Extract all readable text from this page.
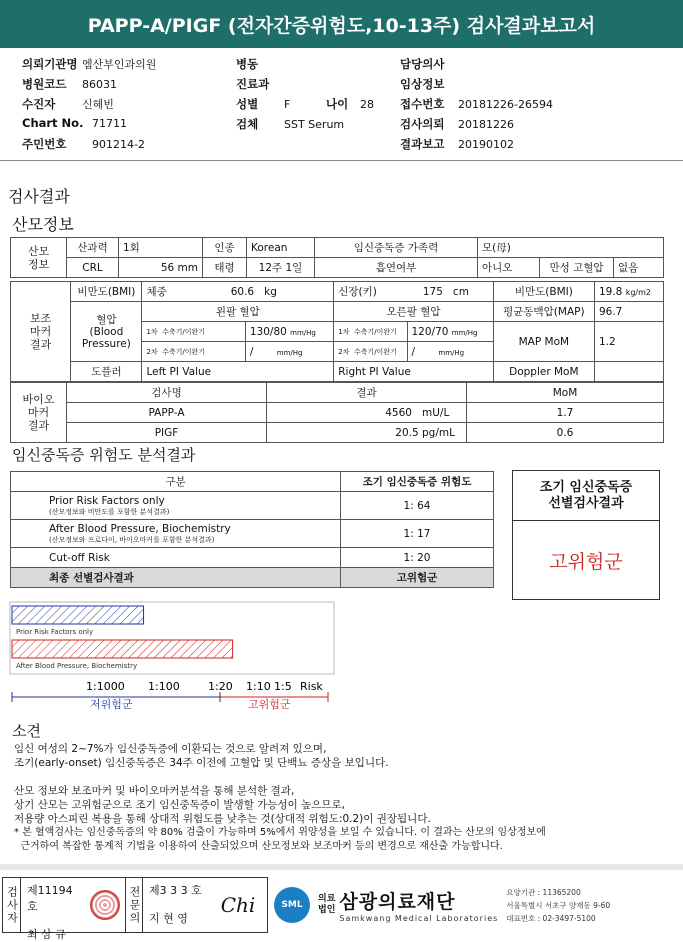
PAPP-A/PIGF (전자간증위험도,10-13주) 검사결과보고서
의뢰기관명 엠산부인과의원
병원코드 86031
수진자 신혜빈
Chart No. 71711
주민번호 901214-2
병동
진료과
성별 F	나이 28
검체 SST Serum
담당의사
임상정보
접수번호 20181226-26594
검사의뢰 20181226
결과보고 20190102
검사결과
산모정보
산모
정보	산과력	1회	인종	Korean	임신중독증 가족력	모(母)		
	CRL	56 mm	태령	12주 1일	흡연여부	아니오	만성 고혈압	없음
보조
마커
결과	비만도(BMI)	체중 60.6 kg		신장(키) 175 cm		비만도(BMI)	19.8 kg/m2
	혈압
(Blood
Pressure)	왼팔 혈압		오른팔 혈압		평균동맥압(MAP)	96.7
		1차 수축기/이완기	130/80 mm/Hg	1차 수축기/이완기	120/70 mm/Hg	MAP MoM	1.2
		2차 수축기/이완기	/ mm/Hg	2차 수축기/이완기	/ mm/Hg		
	도플러	Left PI Value		Right PI Value		Doppler MoM	
바이오
마커
결과	검사명	결과	MoM
	PAPP-A	4560 mU/L	1.7
	PIGF	20.5 pg/mL	0.6
임신중독증 위험도 분석결과
구분	조기 임신중독증 위험도

Prior Risk Factors only
(산모정보와 비만도를 포함한 분석결과)	1: 64

After Blood Pressure, Biochemistry
(산모정보와 프로다이, 바이오마커를 포함한 분석결과)	1: 17
Cut-off Risk	1: 20
최종 선별검사결과	고위험군
조기 임신중독증
선별검사결과
고위험군
Prior Risk Factors only
After Blood Pressure, Biochemistry
1:1000 1:100	1:20 1:10 1:5 Risk
저위험군	고위험군
소견
임신 여성의 2~7%가 임신중독증에 이환되는 것으로 알려져 있으며,
조기(early-onset) 임신중독증은 34주 이전에 고혈압 및 단백뇨 증상을 보입니다.
산모 정보와 보조마커 및 바이오마커분석을 통해 분석한 결과,
상기 산모는 고위험군으로 조기 임신중독증이 발생할 가능성이 높으므로,
저용량 아스피린 복용을 통해 상대적 위험도를 낮추는 것(상대적 위험도:0.2)이 권장됩니다.
* 본 혈액검사는 임신중독증의 약 80% 검출이 가능하며 5%에서 위양성을 보일 수 있습니다. 이 결과는 산모의 임상정보에
근거하여 복잡한 통계적 기법을 이용하여 산출되었으며 산모정보와 보조마커 등의 변경으로 재산출 가능합니다.
검사자 제11194호
최 삼 규
전문의 제3 3 3 호
지 현 영
Chi	SML
의료
법인 삼광의료재단
Samkwang Medical Laboratories
요양기관 : 11365200
서울특별시 서초구 양재동 9-60
대표번호 : 02-3497-5100
